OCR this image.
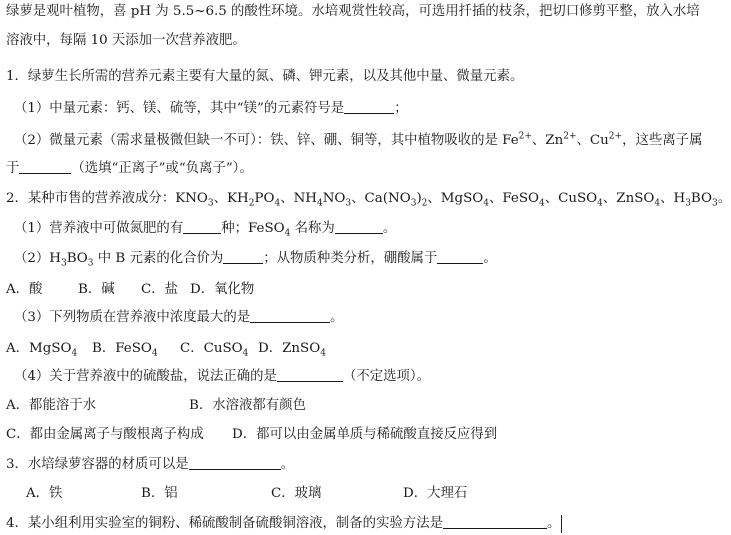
绿萝是观叶植物，喜 pH 为 5.5~6.5 的酸性环境。水培观赏性较高，可选用扦插的枝条，把切口修剪平整，放入水培
溶液中，每隔 10 天添加一次营养液肥。
1．绿萝生长所需的营养元素主要有大量的氮、磷、钾元素，以及其他中量、微量元素。
（1）中量元素：钙、镁、硫等，其中“镁”的元素符号是	；
（2）微量元素（需求量极微但缺一不可）：铁、锌、硼、铜等，其中植物吸收的是 $Fe^{2+}$、$Zn^{2+}$、$Cu^{2+}$，这些离子属
于	（选填“正离子”或“负离子”）。
2．某种市售的营养液成分：$KNO_3$、$KH_2PO_4$、$NH_4NO_3$、$Ca(NO_3)_2$、MgSO$_4$、FeSO$_4$、CuSO$_4$、ZnSO$_4$、$H_3BO_3$。
（1）营养液中可做氮肥的有	种；FeSO$_4$ 名称为	。
$(2)H_3BO_3$ 中 B 元素的化合价为	；从物质种类分析，硼酸属于	。
A．酸	B．碱 C．盐 D．氧化物
（3）下列物质在营养液中浓度最大的是	。
A．MgSO$_4$ B．FeSO$_4$ C．CuSO$_4$ D．ZnSO$_4$
（4）关于营养液中的硫酸盐，说法正确的是	（不定选项）。
A．都能溶于水	B．水溶液都有颜色
C．都由金属离子与酸根离子构成 D．都可以由金属单质与稀硫酸直接反应得到
3．水培绿萝容器的材质可以是	。
A．铁	B．铝	C．玻璃	D．大理石
4．某小组利用实验室的铜粉、稀硫酸制备硫酸铜溶液，制备的实验方法是	。
